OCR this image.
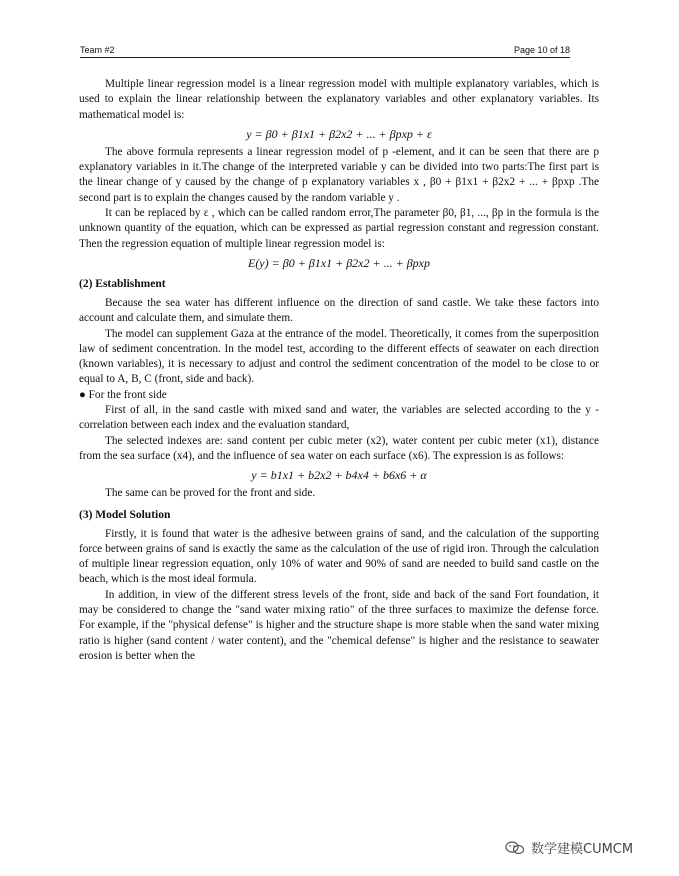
Team #2	Page 10 of 18

Multiple linear regression model is a linear regression model with multiple explanatory variables, which is used to explain the linear relationship between the explanatory variables and other explanatory variables. Its mathematical model is:

y = β0 + β1x1 + β2x2 + ... + βpxp + ε

The above formula represents a linear regression model of p -element, and it can be seen that there are p explanatory variables in it.The change of the interpreted variable y can be divided into two parts:The first part is the linear change of y caused by the change of p explanatory variables x , β0 + β1x1 + β2x2 + ... + βpxp .The second part is to explain the changes caused by the random variable y .

It can be replaced by ε , which can be called random error,The parameter β0, β1, ..., βp in the formula is the unknown quantity of the equation, which can be expressed as partial regression constant and regression constant. Then the regression equation of multiple linear regression model is:

E(y) = β0 + β1x1 + β2x2 + ... + βpxp
(2) Establishment

Because the sea water has different influence on the direction of sand castle. We take these factors into account and calculate them, and simulate them.

The model can supplement Gaza at the entrance of the model. Theoretically, it comes from the superposition law of sediment concentration. In the model test, according to the different effects of seawater on each direction (known variables), it is necessary to adjust and control the sediment concentration of the model to be close to or equal to A, B, C (front, side and back).

● For the front side

First of all, in the sand castle with mixed sand and water, the variables are selected according to the y -correlation between each index and the evaluation standard,

The selected indexes are: sand content per cubic meter (x2), water content per cubic meter (x1), distance from the sea surface (x4), and the influence of sea water on each surface (x6). The expression is as follows:

y = b1x1 + b2x2 + b4x4 + b6x6 + α

The same can be proved for the front and side.

(3) Model Solution

Firstly, it is found that water is the adhesive between grains of sand, and the calculation of the supporting force between grains of sand is exactly the same as the calculation of the use of rigid iron. Through the calculation of multiple linear regression equation, only 10% of water and 90% of sand are needed to build sand castle on the beach, which is the most ideal formula.

In addition, in view of the different stress levels of the front, side and back of the sand Fort foundation, it may be considered to change the "sand water mixing ratio" of the three surfaces to maximize the defense force. For example, if the "physical defense" is higher and the structure shape is more stable when the sand water mixing ratio is higher (sand content / water content), and the "chemical defense" is higher and the resistance to seawater erosion is better when the

数学建模CUMCM
